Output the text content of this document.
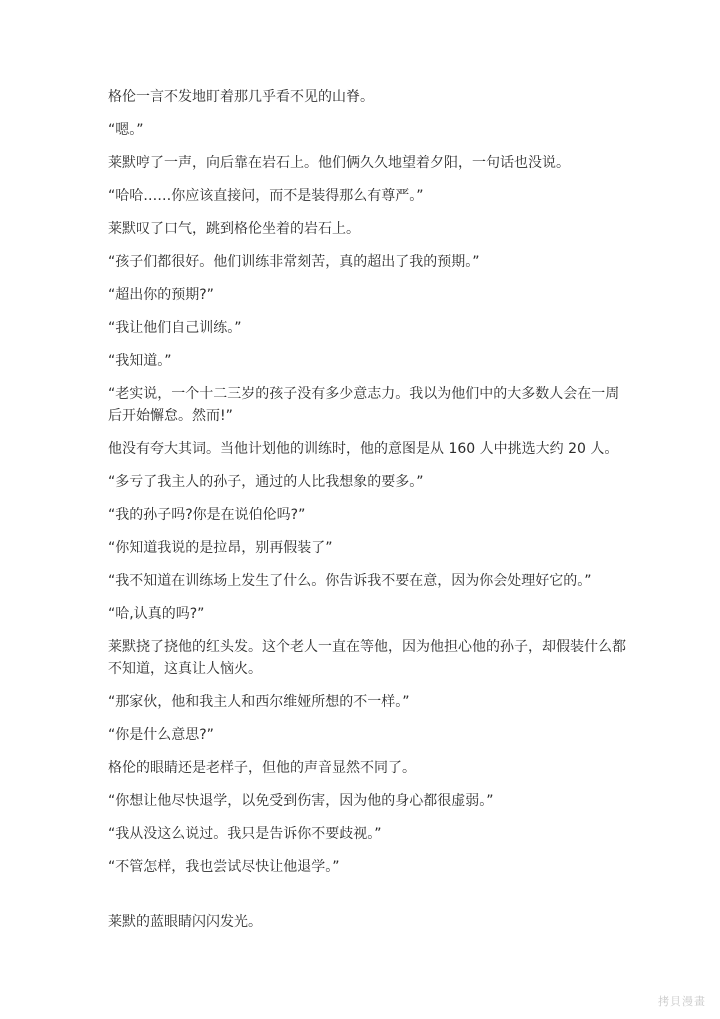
格伦一言不发地盯着那几乎看不见的山脊。

“嗯。”

莱默哼了一声，向后靠在岩石上。他们俩久久地望着夕阳，一句话也没说。

“哈哈……你应该直接问，而不是装得那么有尊严。”

莱默叹了口气，跳到格伦坐着的岩石上。

“孩子们都很好。他们训练非常刻苦，真的超出了我的预期。”

“超出你的预期?”

“我让他们自己训练。”

“我知道。”

“老实说，一个十二三岁的孩子没有多少意志力。我以为他们中的大多数人会在一周后开始懈怠。然而!”

他没有夸大其词。当他计划他的训练时，他的意图是从 160 人中挑选大约 20 人。

“多亏了我主人的孙子，通过的人比我想象的要多。”

“我的孙子吗?你是在说伯伦吗?”

“你知道我说的是拉昂，别再假装了”

“我不知道在训练场上发生了什么。你告诉我不要在意，因为你会处理好它的。”

“哈,认真的吗?”

莱默挠了挠他的红头发。这个老人一直在等他，因为他担心他的孙子，却假装什么都不知道，这真让人恼火。

“那家伙，他和我主人和西尔维娅所想的不一样。”

“你是什么意思?”

格伦的眼睛还是老样子，但他的声音显然不同了。

“你想让他尽快退学，以免受到伤害，因为他的身心都很虚弱。”

“我从没这么说过。我只是告诉你不要歧视。”

“不管怎样，我也尝试尽快让他退学。”

莱默的蓝眼睛闪闪发光。

拷貝漫畫
